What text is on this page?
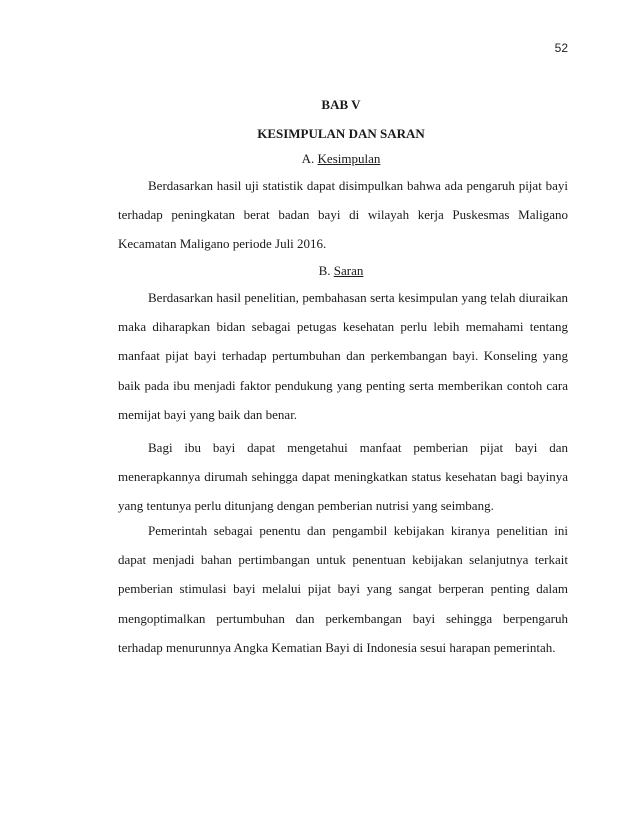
52
BAB V
KESIMPULAN DAN SARAN
A. Kesimpulan

Berdasarkan hasil uji statistik dapat disimpulkan bahwa ada pengaruh pijat bayi terhadap peningkatan berat badan bayi di wilayah kerja Puskesmas Maligano Kecamatan Maligano periode Juli 2016.

B. Saran

Berdasarkan hasil penelitian, pembahasan serta kesimpulan yang telah diuraikan maka diharapkan bidan sebagai petugas kesehatan perlu lebih memahami tentang manfaat pijat bayi terhadap pertumbuhan dan perkembangan bayi. Konseling yang baik pada ibu menjadi faktor pendukung yang penting serta memberikan contoh cara memijat bayi yang baik dan benar.

Bagi ibu bayi dapat mengetahui manfaat pemberian pijat bayi dan menerapkannya dirumah sehingga dapat meningkatkan status kesehatan bagi bayinya yang tentunya perlu ditunjang dengan pemberian nutrisi yang seimbang.

Pemerintah sebagai penentu dan pengambil kebijakan kiranya penelitian ini dapat menjadi bahan pertimbangan untuk penentuan kebijakan selanjutnya terkait pemberian stimulasi bayi melalui pijat bayi yang sangat berperan penting dalam mengoptimalkan pertumbuhan dan perkembangan bayi sehingga berpengaruh terhadap menurunnya Angka Kematian Bayi di Indonesia sesui harapan pemerintah.
